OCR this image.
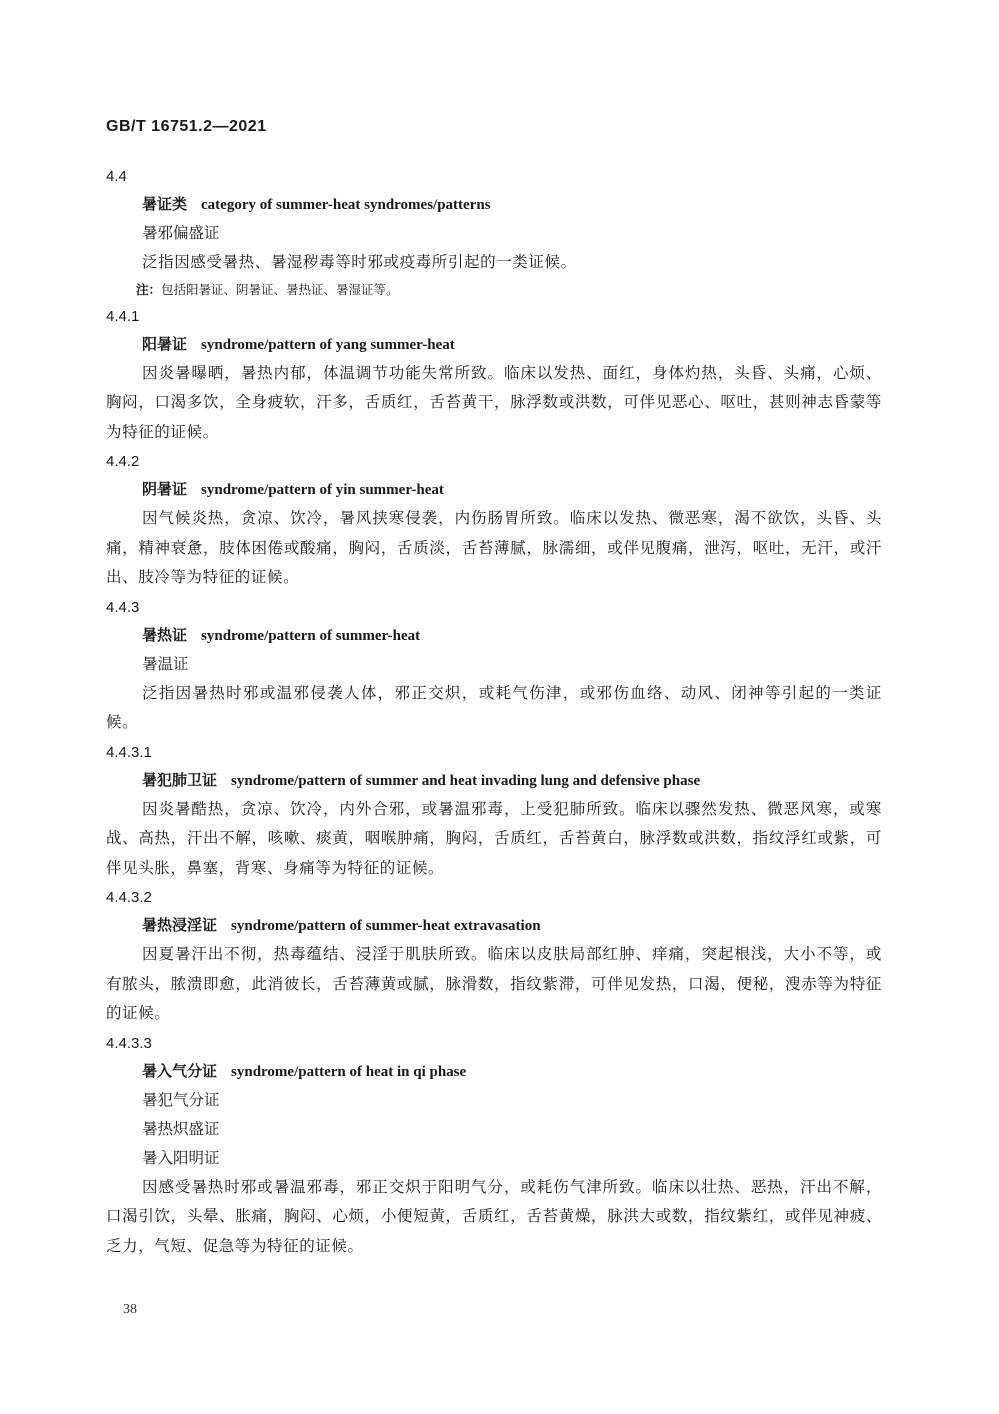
GB/T 16751.2—2021
4.4
暑证类 category of summer-heat syndromes/patterns
暑邪偏盛证
泛指因感受暑热、暑湿秽毒等时邪或疫毒所引起的一类证候。
注：包括阳暑证、阴暑证、暑热证、暑湿证等。
4.4.1
阳暑证 syndrome/pattern of yang summer-heat
因炎暑曝晒，暑热内郁，体温调节功能失常所致。临床以发热、面红，身体灼热，头昏、头痛，心烦、胸闷，口渴多饮，全身疲软，汗多，舌质红，舌苔黄干，脉浮数或洪数，可伴见恶心、呕吐，甚则神志昏蒙等为特征的证候。
4.4.2
阴暑证 syndrome/pattern of yin summer-heat
因气候炎热，贪凉、饮冷，暑风挟寒侵袭，内伤肠胃所致。临床以发热、微恶寒，渴不欲饮，头昏、头痛，精神衰惫，肢体困倦或酸痛，胸闷，舌质淡，舌苔薄腻，脉濡细，或伴见腹痛，泄泻，呕吐，无汗，或汗出、肢冷等为特征的证候。
4.4.3
暑热证 syndrome/pattern of summer-heat
暑温证
泛指因暑热时邪或温邪侵袭人体，邪正交炽，或耗气伤津，或邪伤血络、动风、闭神等引起的一类证候。
4.4.3.1
暑犯肺卫证 syndrome/pattern of summer and heat invading lung and defensive phase
因炎暑酷热，贪凉、饮冷，内外合邪，或暑温邪毒，上受犯肺所致。临床以骤然发热、微恶风寒，或寒战、高热，汗出不解，咳嗽、痰黄，咽喉肿痛，胸闷，舌质红，舌苔黄白，脉浮数或洪数，指纹浮红或紫，可伴见头胀，鼻塞，背寒、身痛等为特征的证候。
4.4.3.2
暑热浸淫证 syndrome/pattern of summer-heat extravasation
因夏暑汗出不彻，热毒蕴结、浸淫于肌肤所致。临床以皮肤局部红肿、痒痛，突起根浅，大小不等，或有脓头，脓溃即愈，此消彼长，舌苔薄黄或腻，脉滑数，指纹紫滞，可伴见发热，口渴，便秘，溲赤等为特征的证候。
4.4.3.3
暑入气分证 syndrome/pattern of heat in qi phase
暑犯气分证
暑热炽盛证
暑入阳明证
因感受暑热时邪或暑温邪毒，邪正交炽于阳明气分，或耗伤气津所致。临床以壮热、恶热，汗出不解，口渴引饮，头晕、胀痛，胸闷、心烦，小便短黄，舌质红，舌苔黄燥，脉洪大或数，指纹紫红，或伴见神疲、乏力，气短、促急等为特征的证候。
38
